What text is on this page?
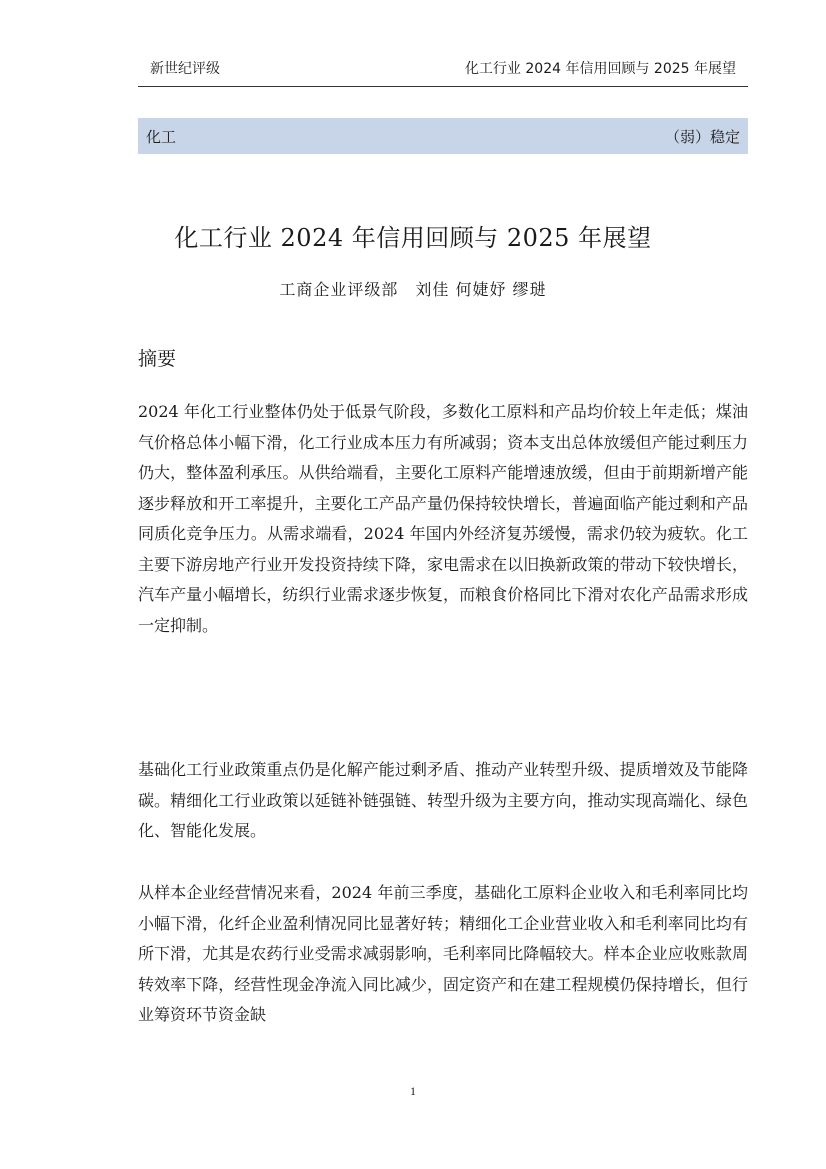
新世纪评级	化工行业 2024 年信用回顾与 2025 年展望
化工	（弱）稳定
化工行业 2024 年信用回顾与 2025 年展望
工商企业评级部　刘佳 何婕妤 缪琎
摘要

2024 年化工行业整体仍处于低景气阶段，多数化工原料和产品均价较上年走低；煤油气价格总体小幅下滑，化工行业成本压力有所减弱；资本支出总体放缓但产能过剩压力仍大，整体盈利承压。从供给端看，主要化工原料产能增速放缓，但由于前期新增产能逐步释放和开工率提升，主要化工产品产量仍保持较快增长，普遍面临产能过剩和产品同质化竞争压力。从需求端看，2024 年国内外经济复苏缓慢，需求仍较为疲软。化工主要下游房地产行业开发投资持续下降，家电需求在以旧换新政策的带动下较快增长，汽车产量小幅增长，纺织行业需求逐步恢复，而粮食价格同比下滑对农化产品需求形成一定抑制。

基础化工行业政策重点仍是化解产能过剩矛盾、推动产业转型升级、提质增效及节能降碳。精细化工行业政策以延链补链强链、转型升级为主要方向，推动实现高端化、绿色化、智能化发展。

从样本企业经营情况来看，2024 年前三季度，基础化工原料企业收入和毛利率同比均小幅下滑，化纤企业盈利情况同比显著好转；精细化工企业营业收入和毛利率同比均有所下滑，尤其是农药行业受需求减弱影响，毛利率同比降幅较大。样本企业应收账款周转效率下降，经营性现金净流入同比减少，固定资产和在建工程规模仍保持增长，但行业筹资环节资金缺

1
